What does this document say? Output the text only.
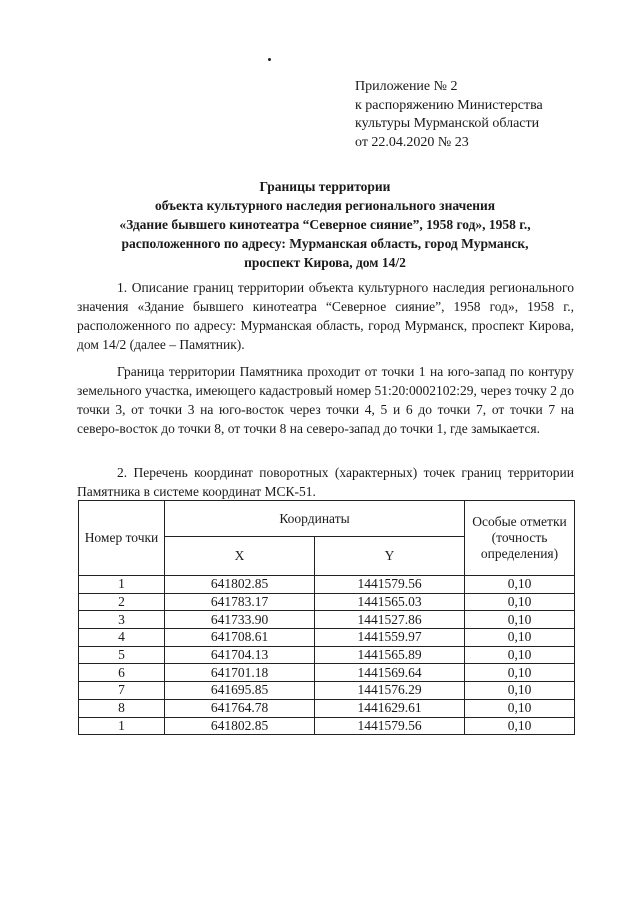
Приложение № 2
к распоряжению Министерства
культуры Мурманской области
от 22.04.2020 № 23
Границы территории
объекта культурного наследия регионального значения
«Здание бывшего кинотеатра “Северное сияние”, 1958 год», 1958 г.,
расположенного по адресу: Мурманская область, город Мурманск,
проспект Кирова, дом 14/2
1. Описание границ территории объекта культурного наследия регионального значения «Здание бывшего кинотеатра “Северное сияние”, 1958 год», 1958 г., расположенного по адресу: Мурманская область, город Мурманск, проспект Кирова, дом 14/2 (далее – Памятник).
Граница территории Памятника проходит от точки 1 на юго-запад по контуру земельного участка, имеющего кадастровый номер 51:20:0002102:29, через точку 2 до точки 3, от точки 3 на юго-восток через точки 4, 5 и 6 до точки 7, от точки 7 на северо-восток до точки 8, от точки 8 на северо-запад до точки 1, где замыкается.
2. Перечень координат поворотных (характерных) точек границ территории Памятника в системе координат МСК-51.
Номер точки	Координаты		Особые отметки (точность определения)
	X	Y	
1	641802.85	1441579.56	0,10
2	641783.17	1441565.03	0,10
3	641733.90	1441527.86	0,10
4	641708.61	1441559.97	0,10
5	641704.13	1441565.89	0,10
6	641701.18	1441569.64	0,10
7	641695.85	1441576.29	0,10
8	641764.78	1441629.61	0,10
1	641802.85	1441579.56	0,10
